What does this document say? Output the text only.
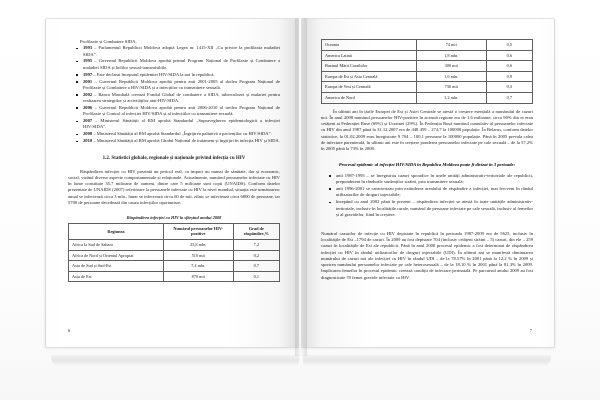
Profilaxie și Combatere SIDA.
1993 – Parlamentul Republicii Moldova adoptă Legea nr. 1415-XII „Cu privire la profilaxia maladiei SIDA”.
1995 – Guvernul Republicii Moldova aprobă primul Program Național de Profilaxie și Combatere a maladiei SIDA și bolilor sexual-transmisibile.
1997 – Este declarat începutul epidemiei HIV/SIDA la noi în republică.
2001 – Guvernul Republicii Moldova aprobă pentru anii 2001-2005 al doilea Program Național de Profilaxie și Combatere a HIV/SIDA și a infecțiilor cu transmitere sexuală.
2002 – Banca Mondială creează Fondul Global de combatere a SIDA, tuberculozei și malariei pentru realizarea strategiilor și activităților anti-HIV/SIDA.
2006 – Guvernul Republicii Moldova aprobă pentru anii 2006-2010 al treilea Program Național de Profilaxie și Control al infecției HIV/SIDA și al infecțiilor cu transmitere sexuală.
2007 – Ministerul Sănătății al RM aprobă Standardul „Supravegherea epidemiologică a infecției HIV/SIDA”.
2008 – Ministerul Sănătății al RM aprobă Standardul „Îngrijirea paliativă a pacienților cu HIV/SIDA”.
2010 – Ministerul Sănătății al RM aprobă Ghidul Național de tratament și îngrijiri în infecția HIV și SIDA.
1.2. Statistici globale, regionale și naționale privind infecția cu HIV
Răspândirea infecției cu HIV prezintă un pericol real, cu impact nu numai de sănătate, dar și economic, social, vizând diverse aspecte comportamentale și relaționale. Actualmente, numărul persoanelor infectate cu HIV în lume constituie 35,7 milioane de oameni, dintre care 5 milioane sunt copii (UNAIDS). Conform datelor prezentate de UNAIDS (2007) referitoare la persoanele infectate cu HIV la nivel mondial, situația este următoarea: anual se infectează circa 3 mln., lunar se infectează circa 60 de mii, zilnic se infectează circa 6800 de persoane, iar 5700 de persoane decedează din cauza infecțiilor oportuniste.
Răspândirea infecției cu HIV la sfârșitul anului 2008
Regiunea	Numărul persoanelor HIV-pozitive	Grad de răspândire,%
Africa la Sud de Sahara	25,8 mln.	7,2
Africa de Nord și Orientul Apropiat	510 mii	0,2
Asia de Sud și Sud-Est	7,4 mln.	0,7
Asia de Est	870 mii	0,1
6
Oceania	74 mii	0,5
America Latină	1,8 mln.	0,6
Bazinul Mării Caraibilor	300 mii	0,6
Europa de Est și Asia Centrală	1,6 mln.	0,9
Europa de Vest și Centrală	730 mii	0,3
America de Nord	1,2 mln.	0,7
În ultimii ani în țările Europei de Est și Asiei Centrale se atestă o creștere esențială a numărului de cazuri noi. În anul 2008 numărul persoanelor HIV-pozitive în această regiune era de 1,6 milioane; circa 90% din ei erau cetățeni ai Federației Ruse (69%) și Ucrainei (29%). În Federația Rusă numărul cumulativ al persoanelor infectate cu HIV din anul 1987 până la 31.12.2007 era de 448 459 – 274,7 la 100000 populație. În Belarus, conform datelor statistice, la 01.02.2009 erau înregistrate 9 704 – 100,1 persoane la 100000 populație. Până în 2005 prevala calea de infectare parenterală, în ultimii ani este în creștere ponderea persoanelor infectate pe cale sexuală – de la 57,2% în 2005 până la 73% în 2008.
Procesul epidemic al infecției HIV/SIDA în Republica Moldova poate fi divizat în 3 perioade:
anii 1987-1995 – se înregistrau cazuri sporadice în unele unități administrativ-teritoriale ale republicii, preponderent în rândurile studenților străini, prin transmitere sexuală;
anii 1996-2001 se caracterizau prin extinderea arealului de răspândire a infecției, mai frecvent în rândul utilizatorilor de droguri injectabile;
începând cu anul 2002 până în prezent – răspândirea infecției se atestă în toate unitățile administrativ-teritoriale, inclusiv în localitățile rurale, numărul de persoane infectate pe cale sexuală, inclusiv al femeilor și al gravidelor, fiind în creștere.
Numărul cazurilor de infecție cu HIV depistate în republică în perioada 1987-2009 era de 5625, inclusiv în localitățile de Est –1794 de cazuri. În 2009 au fost depistate 704 (inclusiv cetățeni străini – 5) cazuri, din ele – 259 cazuri în localitățile de Est ale republicii. Până în anul 2000 procesul epidemic a fost determinat de răspândirea infecției cu HIV în rândul utilizatorilor de droguri injectabile (UDI). În ultimii ani se manifestă diminuarea numărului de cazuri noi ale infecției cu HIV în rândul UDI – de la 78,57% în 2001 până la 12,2 % în 2009 și sporirea numărului persoanelor infectate pe cale heterosexuală – de la 18,10 % în 2001 până la 81,3% în 2009. Implicarea femeilor în procesul epidemic creează condiții de infectare perinatală. Pe parcursul anului 2009 au fost diagnosticate 70 femei gravide infectate cu HIV.
7
